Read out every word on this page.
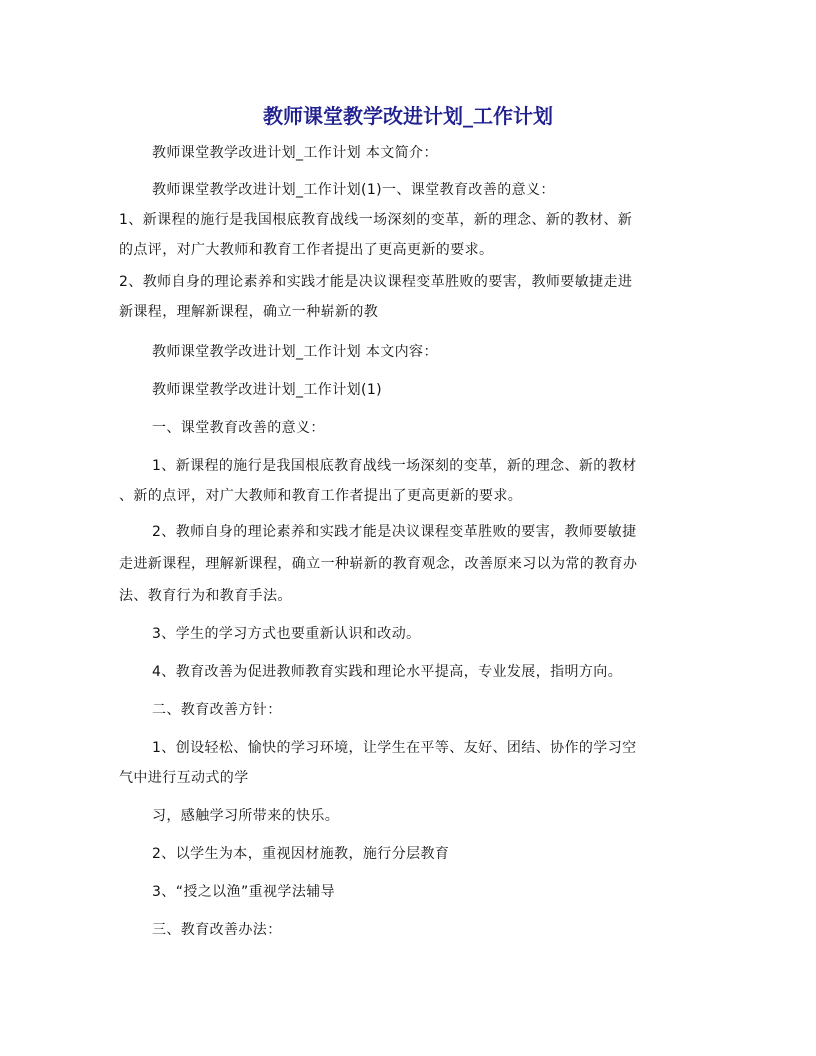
教师课堂教学改进计划_工作计划
教师课堂教学改进计划_工作计划 本文简介：
教师课堂教学改进计划_工作计划(1)一、课堂教育改善的意义：
1、新课程的施行是我国根底教育战线一场深刻的变革，新的理念、新的教材、新
的点评，对广大教师和教育工作者提出了更高更新的要求。
2、教师自身的理论素养和实践才能是决议课程变革胜败的要害，教师要敏捷走进
新课程，理解新课程，确立一种崭新的教
教师课堂教学改进计划_工作计划 本文内容：
教师课堂教学改进计划_工作计划(1)
一、课堂教育改善的意义：
1、新课程的施行是我国根底教育战线一场深刻的变革，新的理念、新的教材
、新的点评，对广大教师和教育工作者提出了更高更新的要求。
2、教师自身的理论素养和实践才能是决议课程变革胜败的要害，教师要敏捷
走进新课程，理解新课程，确立一种崭新的教育观念，改善原来习以为常的教育办
法、教育行为和教育手法。
3、学生的学习方式也要重新认识和改动。
4、教育改善为促进教师教育实践和理论水平提高，专业发展，指明方向。
二、教育改善方针：
1、创设轻松、愉快的学习环境，让学生在平等、友好、团结、协作的学习空
气中进行互动式的学
习，感触学习所带来的快乐。
2、以学生为本，重视因材施教，施行分层教育
3、“授之以渔”重视学法辅导
三、教育改善办法：
